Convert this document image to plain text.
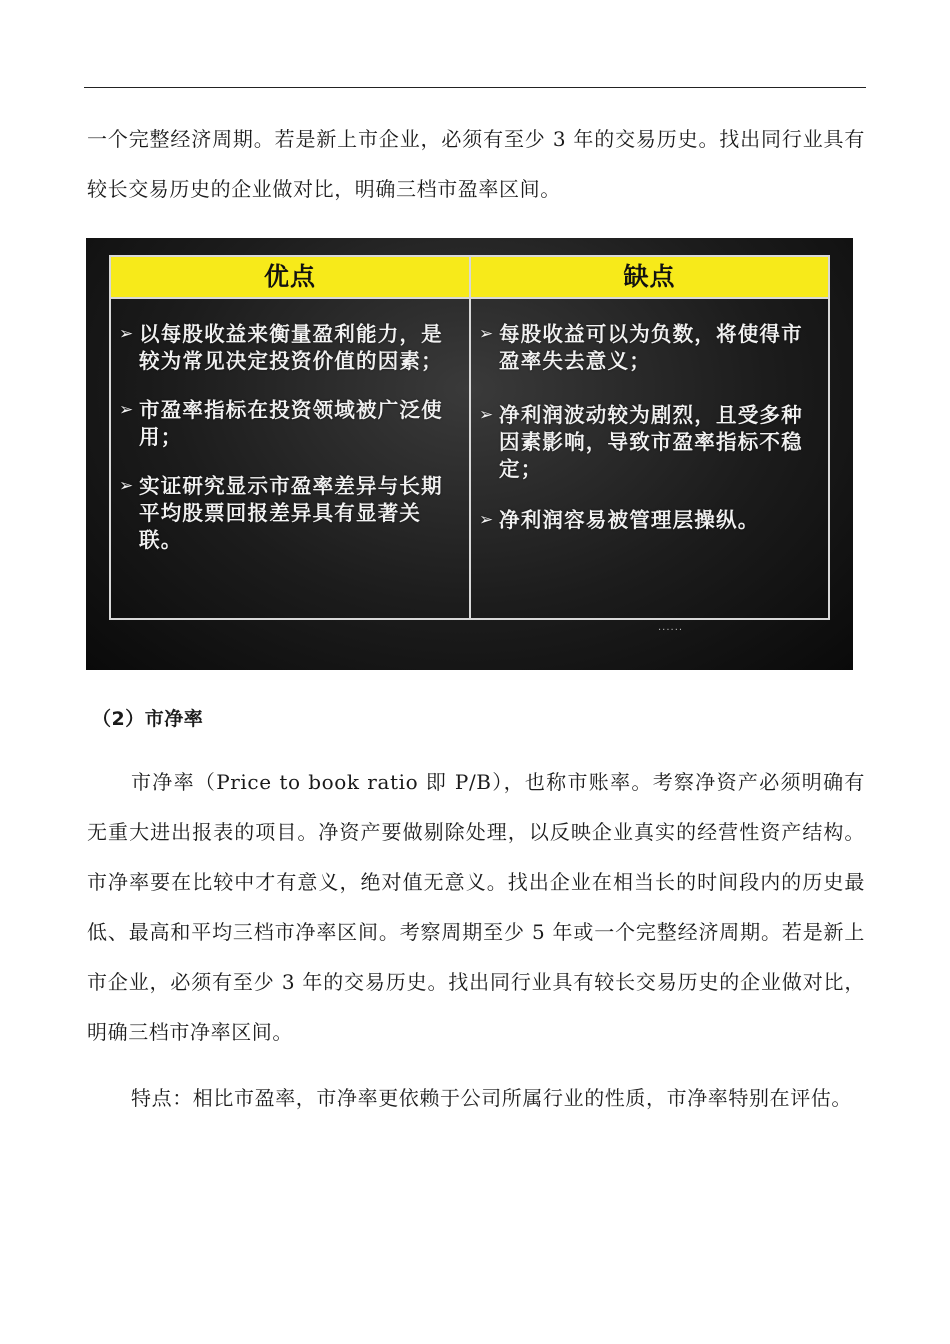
一个完整经济周期。若是新上市企业，必须有至少 3 年的交易历史。找出同行业具有较长交易历史的企业做对比，明确三档市盈率区间。

优点
➢ 以每股收益来衡量盈利能力，是较为常见决定投资价值的因素；
➢ 市盈率指标在投资领域被广泛使用；
➢ 实证研究显示市盈率差异与长期平均股票回报差异具有显著关联。
缺点
➢ 每股收益可以为负数，将使得市盈率失去意义；
➢ 净利润波动较为剧烈，且受多种因素影响，导致市盈率指标不稳定；
➢ 净利润容易被管理层操纵。
......
（2）市净率

市净率（Price to book ratio 即 P/B），也称市账率。考察净资产必须明确有无重大进出报表的项目。净资产要做剔除处理，以反映企业真实的经营性资产结构。市净率要在比较中才有意义，绝对值无意义。找出企业在相当长的时间段内的历史最低、最高和平均三档市净率区间。考察周期至少 5 年或一个完整经济周期。若是新上市企业，必须有至少 3 年的交易历史。找出同行业具有较长交易历史的企业做对比，明确三档市净率区间。

特点：相比市盈率，市净率更依赖于公司所属行业的性质，市净率特别在评估。
